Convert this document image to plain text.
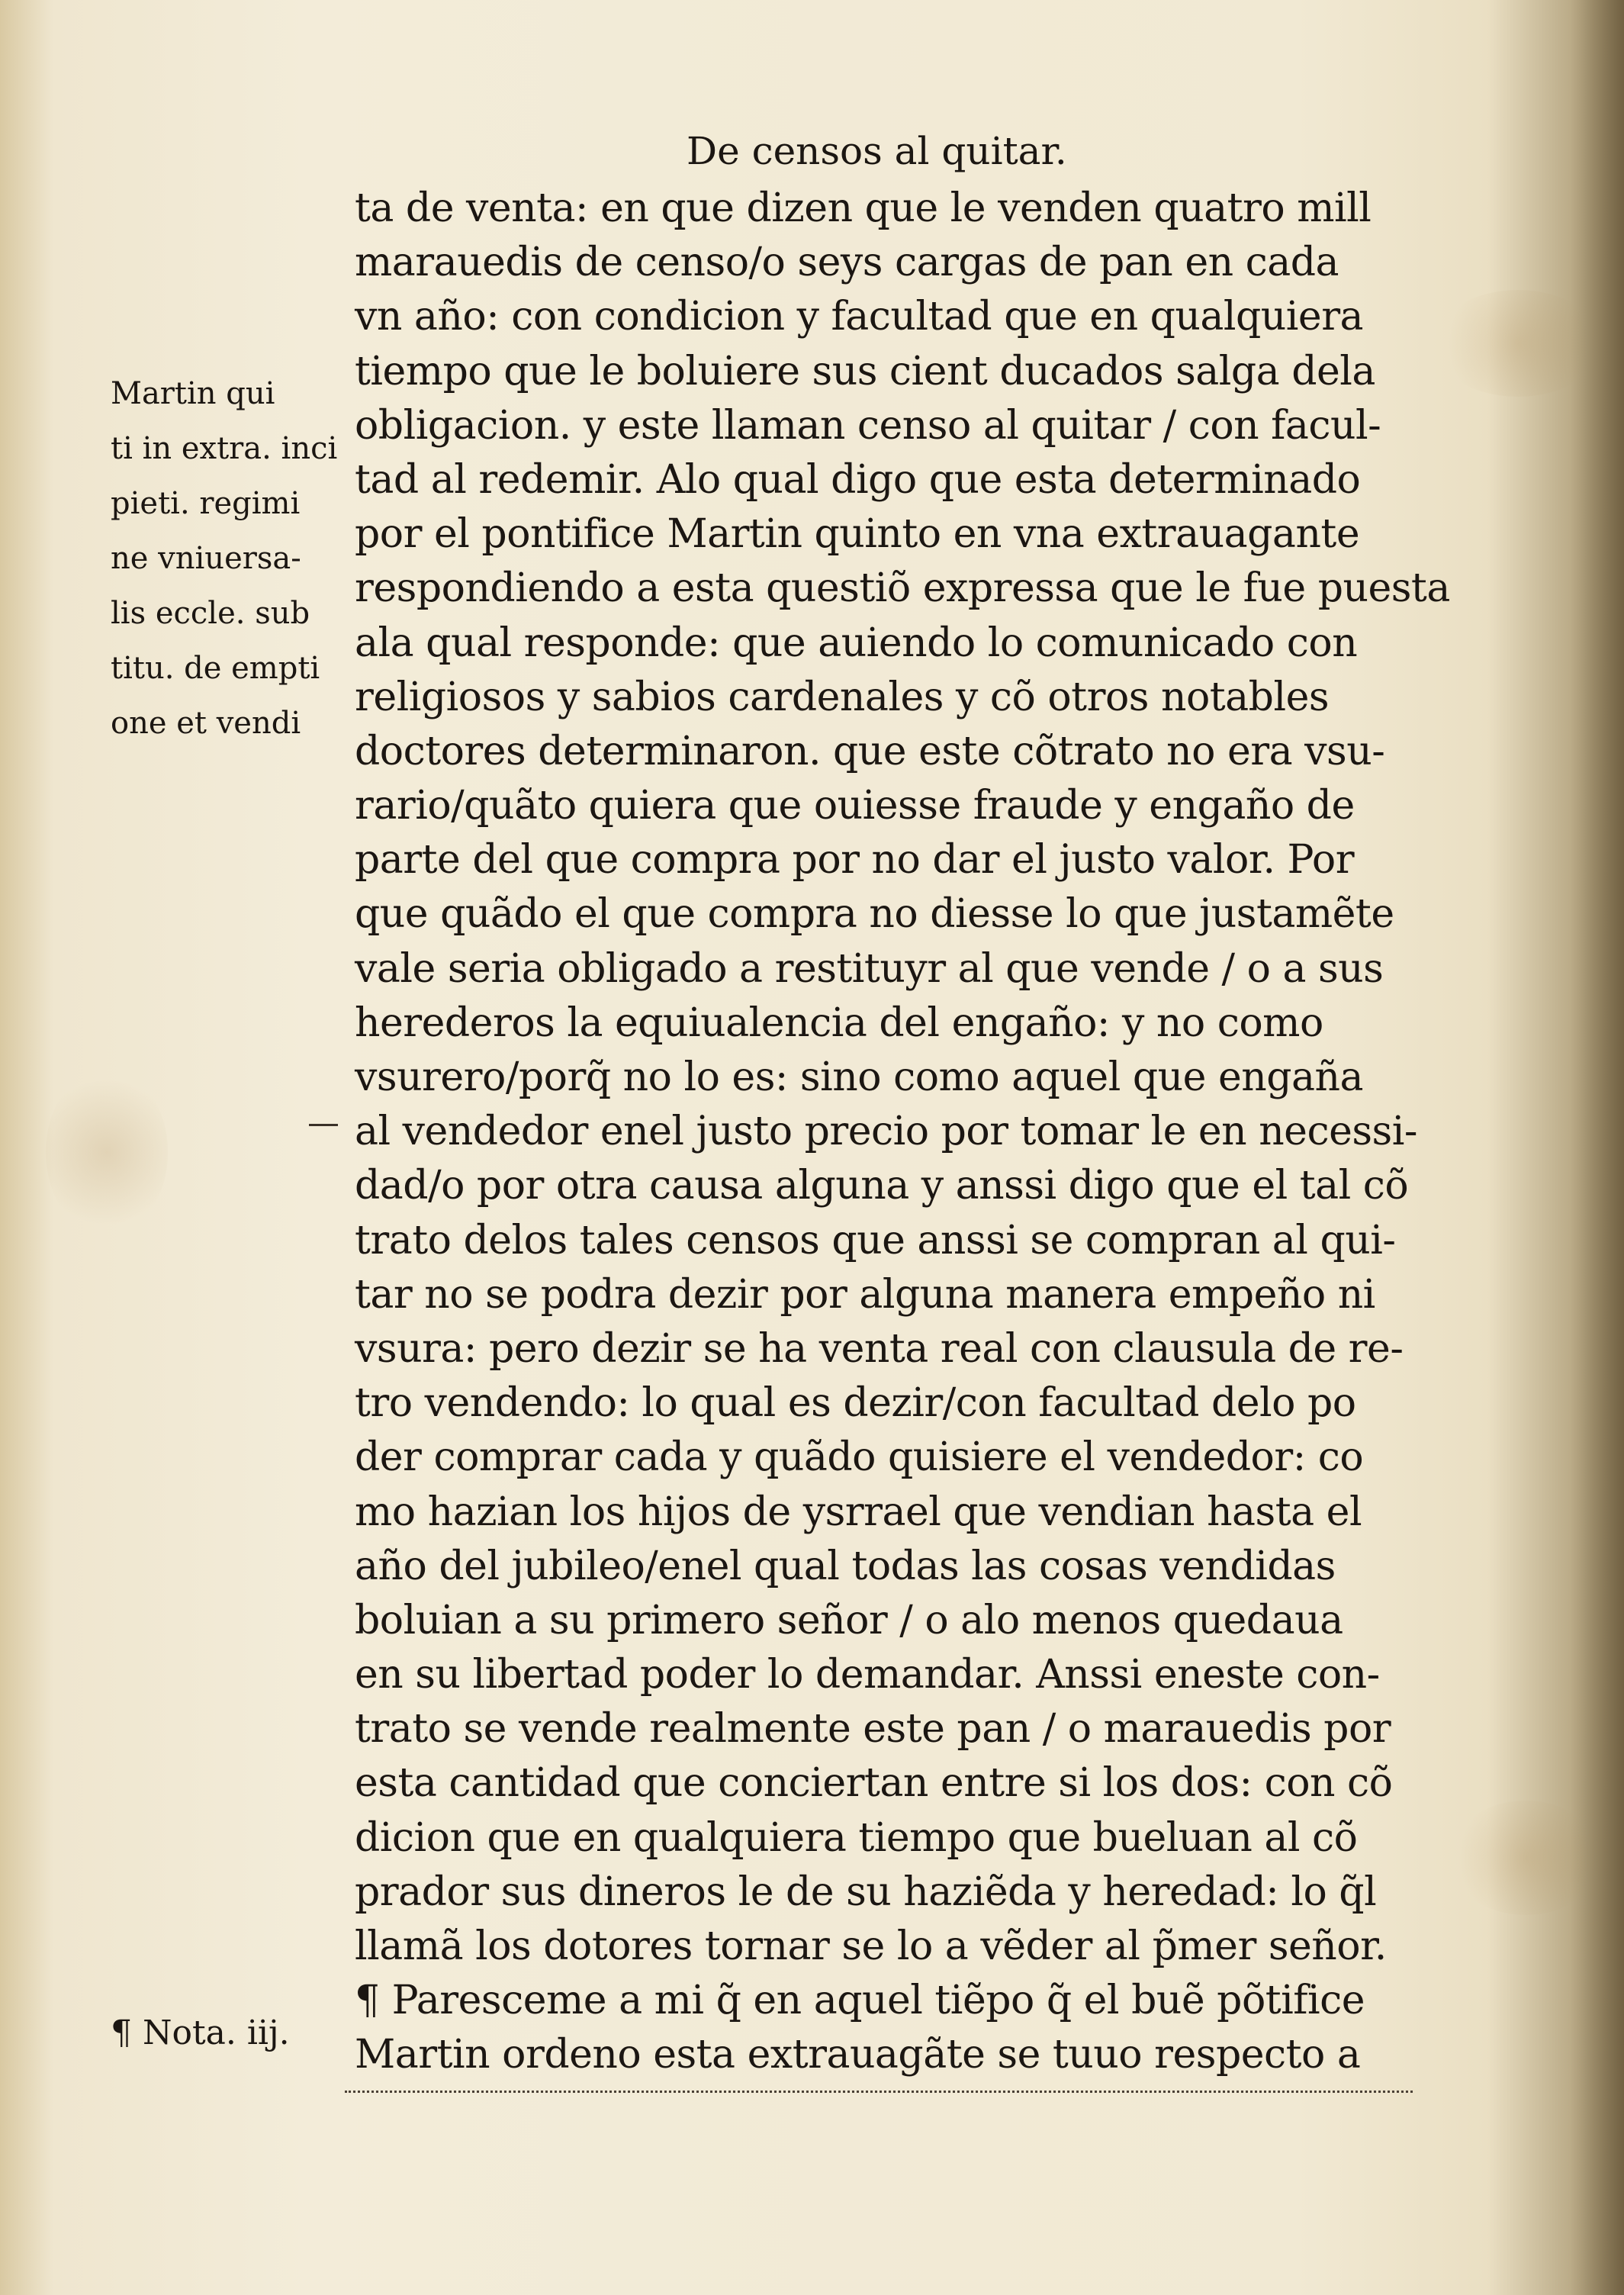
De censos al quitar.
Martin qui
ti in extra. inci
pieti. regimi
ne vniuersa-
lis eccle. sub
titu. de empti
one et vendi
ta de venta: en que dizen que le venden quatro mill
marauedis de censo/o seys cargas de pan en cada
vn año: con condicion y facultad que en qualquiera
tiempo que le boluiere sus cient ducados salga dela
obligacion. y este llaman censo al quitar / con facul-
tad al redemir. Alo qual digo que esta determinado
por el pontifice Martin quinto en vna extrauagante
respondiendo a esta questiõ expressa que le fue puesta
ala qual responde: que auiendo lo comunicado con
religiosos y sabios cardenales y cõ otros notables
doctores determinaron. que este cõtrato no era vsu-
rario/quãto quiera que ouiesse fraude y engaño de
parte del que compra por no dar el justo valor. Por
que quãdo el que compra no diesse lo que justamẽte
vale seria obligado a restituyr al que vende / o a sus
herederos la equiualencia del engaño: y no como
vsurero/porq̃ no lo es: sino como aquel que engaña
al vendedor enel justo precio por tomar le en necessi-
dad/o por otra causa alguna y anssi digo que el tal cõ
trato delos tales censos que anssi se compran al qui-
tar no se podra dezir por alguna manera empeño ni
vsura: pero dezir se ha venta real con clausula de re-
tro vendendo: lo qual es dezir/con facultad delo po
der comprar cada y quãdo quisiere el vendedor: co
mo hazian los hijos de ysrrael que vendian hasta el
año del jubileo/enel qual todas las cosas vendidas
boluian a su primero señor / o alo menos quedaua
en su libertad poder lo demandar. Anssi eneste con-
trato se vende realmente este pan / o marauedis por
esta cantidad que conciertan entre si los dos: con cõ
dicion que en qualquiera tiempo que bueluan al cõ
prador sus dineros le de su haziẽda y heredad: lo q̃l
llamã los dotores tornar se lo a vẽder al p̃mer señor.
¶ Paresceme a mi q̃ en aquel tiẽpo q̃ el buẽ põtifice
Martin ordeno esta extrauagãte se tuuo respecto a
¶ Nota. iij.
